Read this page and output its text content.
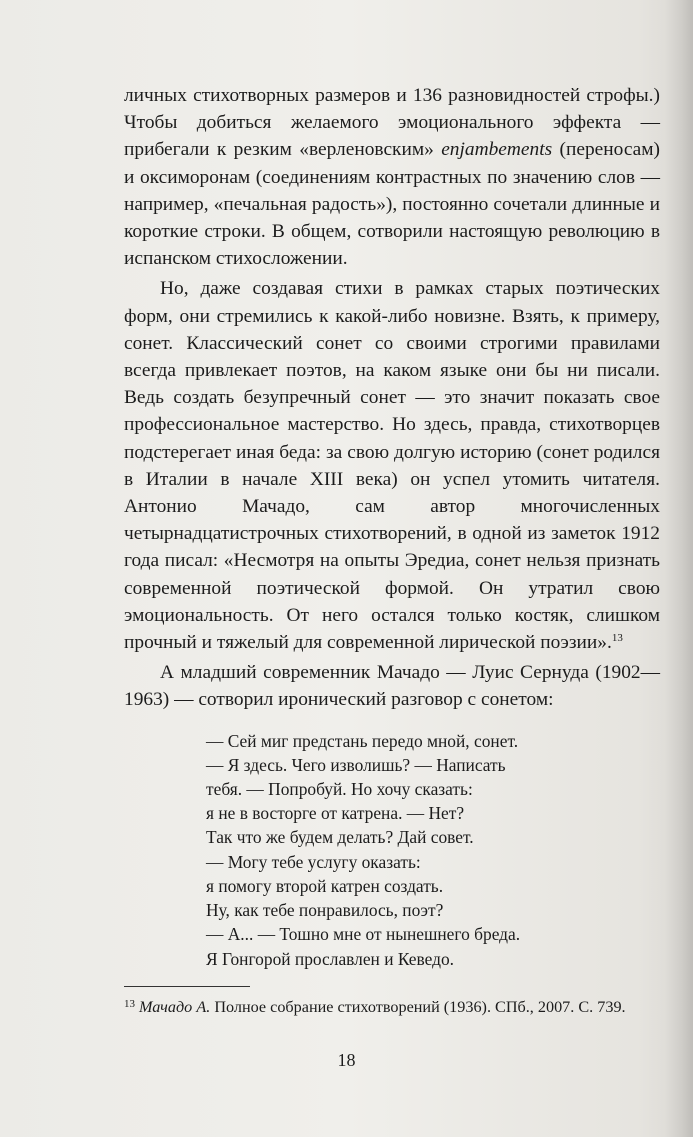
личных стихотворных размеров и 136 разновидностей строфы.) Чтобы добиться желаемого эмоционального эффекта — прибегали к резким «верленовским» enjambements (переносам) и оксиморонам (соединениям контрастных по значению слов — например, «печальная радость»), постоянно сочетали длинные и короткие строки. В общем, сотворили настоящую революцию в испанском стихосложении.

Но, даже создавая стихи в рамках старых поэтических форм, они стремились к какой-либо новизне. Взять, к примеру, сонет. Классический сонет со своими строгими правилами всегда привлекает поэтов, на каком языке они бы ни писали. Ведь создать безупречный сонет — это значит показать свое профессиональное мастерство. Но здесь, правда, стихотворцев подстерегает иная беда: за свою долгую историю (сонет родился в Италии в начале XIII века) он успел утомить читателя. Антонио Мачадо, сам автор многочисленных четырнадцатистрочных стихотворений, в одной из заметок 1912 года писал: «Несмотря на опыты Эредиа, сонет нельзя признать современной поэтической формой. Он утратил свою эмоциональность. От него остался только костяк, слишком прочный и тяжелый для современной лирической поэзии».$^{13}$

А младший современник Мачадо — Луис Сернуда (1902—1963) — сотворил иронический разговор с сонетом:

— Сей миг предстань передо мной, сонет.
— Я здесь. Чего изволишь? — Написать
тебя. — Попробуй. Но хочу сказать:
я не в восторге от катрена. — Нет?
Так что же будем делать? Дай совет.
— Могу тебе услугу оказать:
я помогу второй катрен создать.
Ну, как тебе понравилось, поэт?
— А... — Тошно мне от нынешнего бреда.
Я Гонгорой прославлен и Кеведо.
$^{13}$ Мачадо А. Полное собрание стихотворений (1936). СПб., 2007. С. 739.
18
